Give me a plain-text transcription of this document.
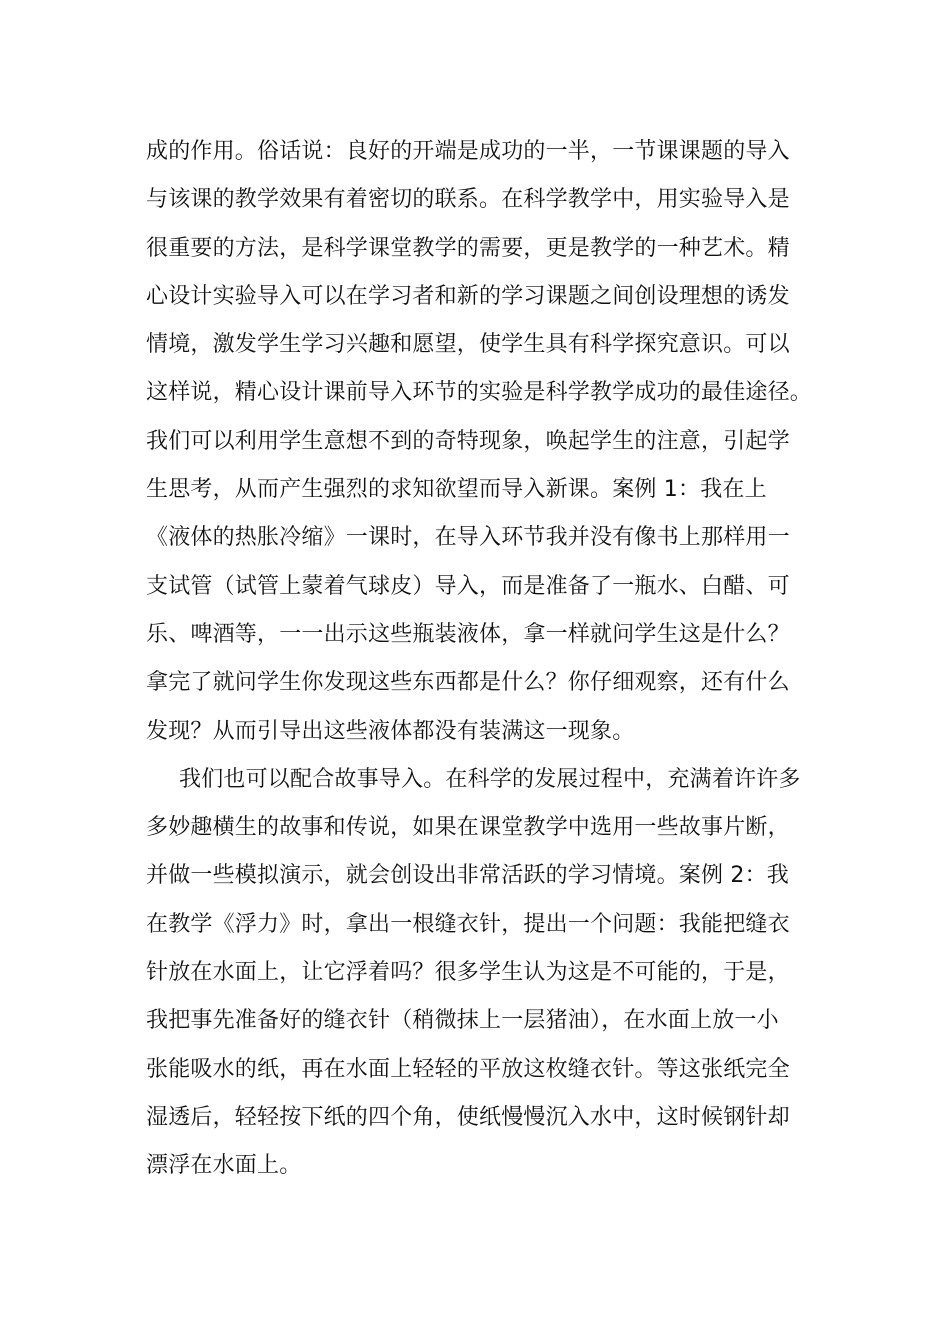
成的作用。俗话说：良好的开端是成功的一半，一节课课题的导入
与该课的教学效果有着密切的联系。在科学教学中，用实验导入是
很重要的方法，是科学课堂教学的需要，更是教学的一种艺术。精
心设计实验导入可以在学习者和新的学习课题之间创设理想的诱发
情境，激发学生学习兴趣和愿望，使学生具有科学探究意识。可以
这样说，精心设计课前导入环节的实验是科学教学成功的最佳途径。
我们可以利用学生意想不到的奇特现象，唤起学生的注意，引起学
生思考，从而产生强烈的求知欲望而导入新课。案例 1：我在上
《液体的热胀冷缩》一课时，在导入环节我并没有像书上那样用一
支试管（试管上蒙着气球皮）导入，而是准备了一瓶水、白醋、可
乐、啤酒等，一一出示这些瓶装液体，拿一样就问学生这是什么？
拿完了就问学生你发现这些东西都是什么？你仔细观察，还有什么
发现？从而引导出这些液体都没有装满这一现象。
我们也可以配合故事导入。在科学的发展过程中，充满着许许多
多妙趣横生的故事和传说，如果在课堂教学中选用一些故事片断，
并做一些模拟演示，就会创设出非常活跃的学习情境。案例 2：我
在教学《浮力》时，拿出一根缝衣针，提出一个问题：我能把缝衣
针放在水面上，让它浮着吗？很多学生认为这是不可能的，于是，
我把事先准备好的缝衣针（稍微抹上一层猪油），在水面上放一小
张能吸水的纸，再在水面上轻轻的平放这枚缝衣针。等这张纸完全
湿透后，轻轻按下纸的四个角，使纸慢慢沉入水中，这时候钢针却
漂浮在水面上。
